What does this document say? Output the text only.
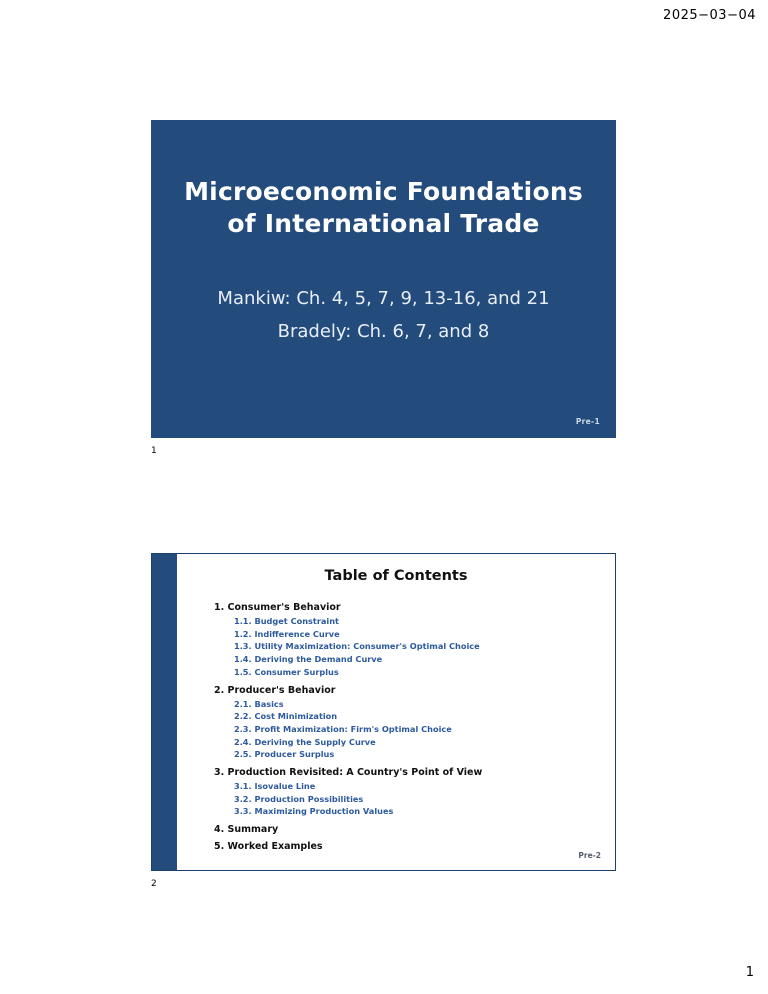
2025−03−04
Microeconomic Foundations
of International Trade
Mankiw: Ch. 4, 5, 7, 9, 13-16, and 21
Bradely: Ch. 6, 7, and 8
Pre-1
1
Table of Contents
1. Consumer's Behavior
1.1. Budget Constraint
1.2. Indifference Curve
1.3. Utility Maximization: Consumer's Optimal Choice
1.4. Deriving the Demand Curve
1.5. Consumer Surplus
2. Producer's Behavior
2.1. Basics
2.2. Cost Minimization
2.3. Profit Maximization: Firm's Optimal Choice
2.4. Deriving the Supply Curve
2.5. Producer Surplus
3. Production Revisited: A Country's Point of View
3.1. Isovalue Line
3.2. Production Possibilities
3.3. Maximizing Production Values
4. Summary
5. Worked Examples
Pre-2
2
1
